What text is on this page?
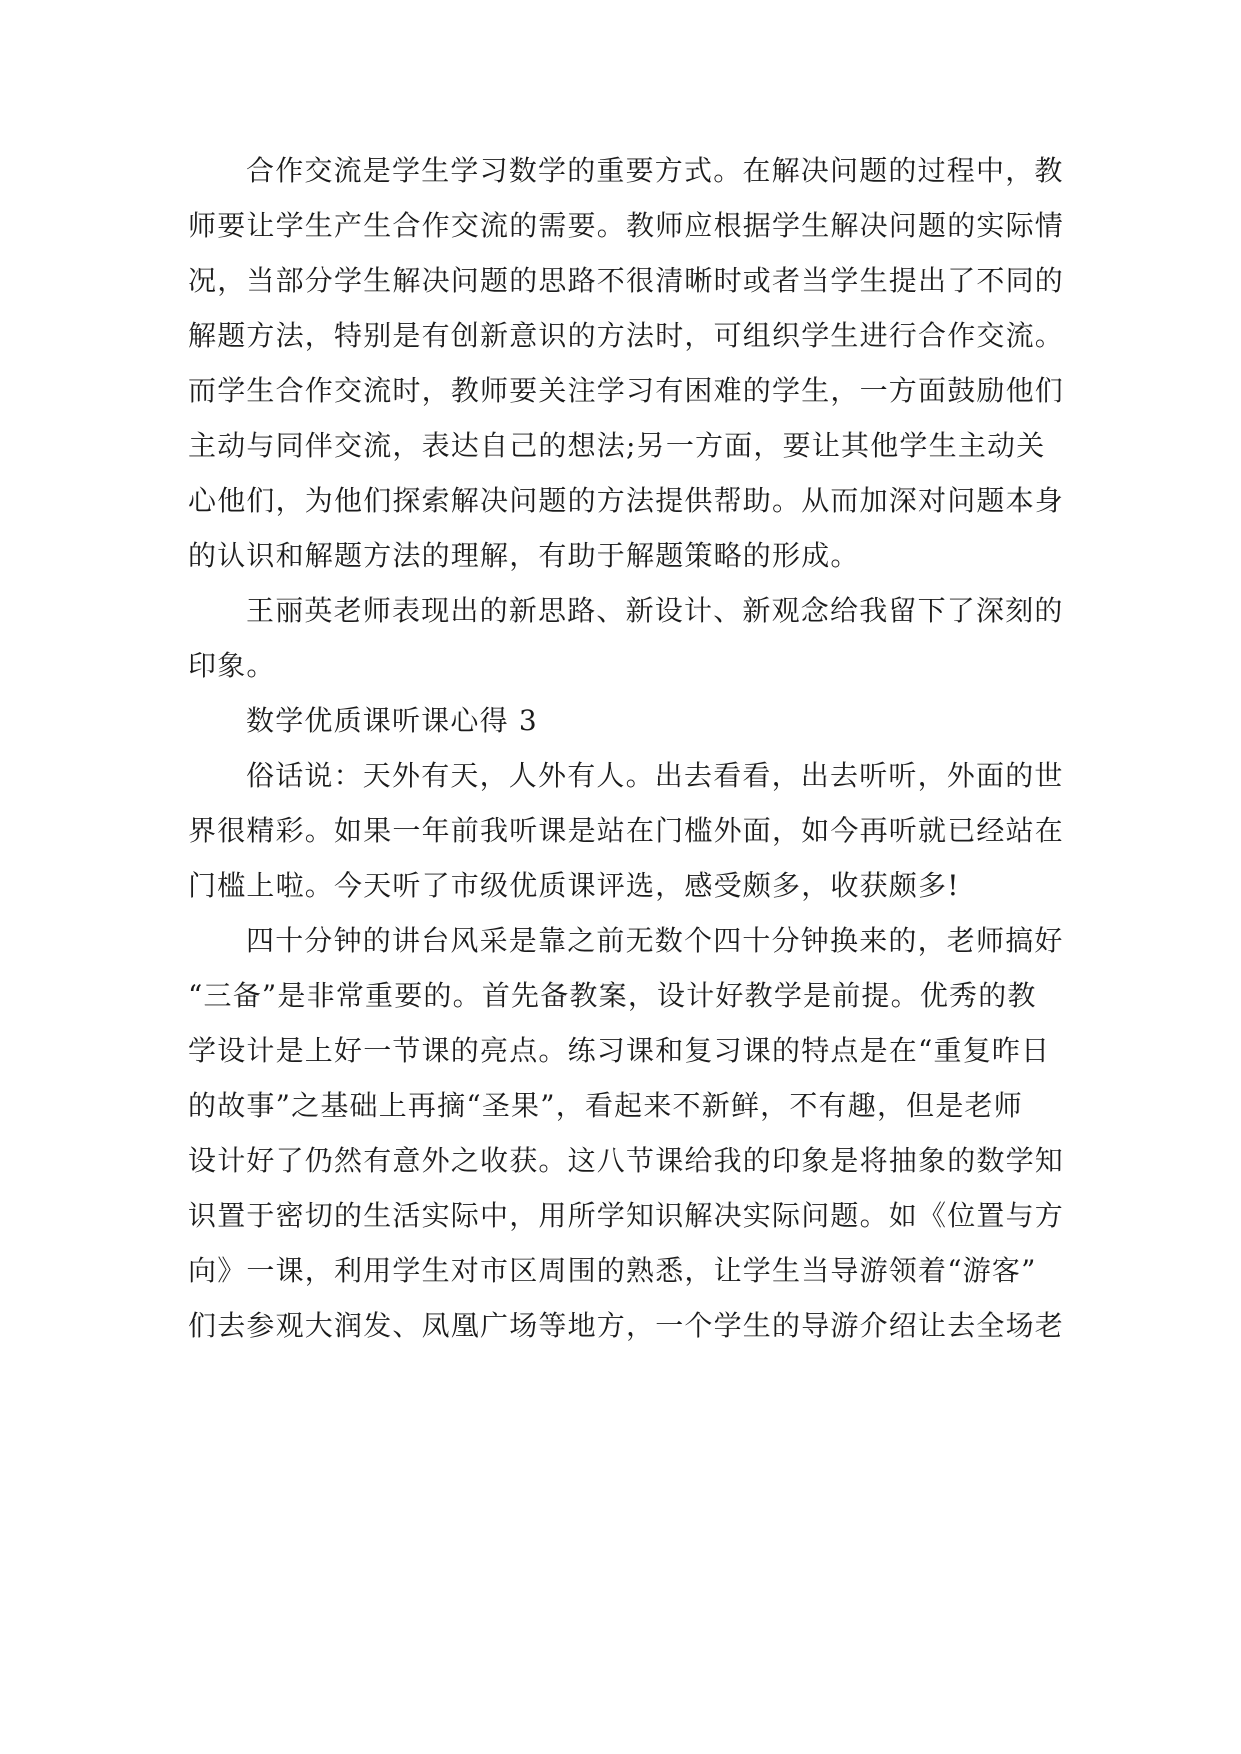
合作交流是学生学习数学的重要方式。在解决问题的过程中，教

师要让学生产生合作交流的需要。教师应根据学生解决问题的实际情

况，当部分学生解决问题的思路不很清晰时或者当学生提出了不同的

解题方法，特别是有创新意识的方法时，可组织学生进行合作交流。

而学生合作交流时，教师要关注学习有困难的学生，一方面鼓励他们

主动与同伴交流，表达自己的想法;另一方面，要让其他学生主动关

心他们，为他们探索解决问题的方法提供帮助。从而加深对问题本身

的认识和解题方法的理解，有助于解题策略的形成。

王丽英老师表现出的新思路、新设计、新观念给我留下了深刻的

印象。

数学优质课听课心得 3

俗话说：天外有天，人外有人。出去看看，出去听听，外面的世

界很精彩。如果一年前我听课是站在门槛外面，如今再听就已经站在

门槛上啦。今天听了市级优质课评选，感受颇多，收获颇多!

四十分钟的讲台风采是靠之前无数个四十分钟换来的，老师搞好

“三备”是非常重要的。首先备教案，设计好教学是前提。优秀的教

学设计是上好一节课的亮点。练习课和复习课的特点是在“重复昨日

的故事”之基础上再摘“圣果”，看起来不新鲜，不有趣，但是老师

设计好了仍然有意外之收获。这八节课给我的印象是将抽象的数学知

识置于密切的生活实际中，用所学知识解决实际问题。如《位置与方

向》一课，利用学生对市区周围的熟悉，让学生当导游领着“游客”

们去参观大润发、凤凰广场等地方，一个学生的导游介绍让去全场老
